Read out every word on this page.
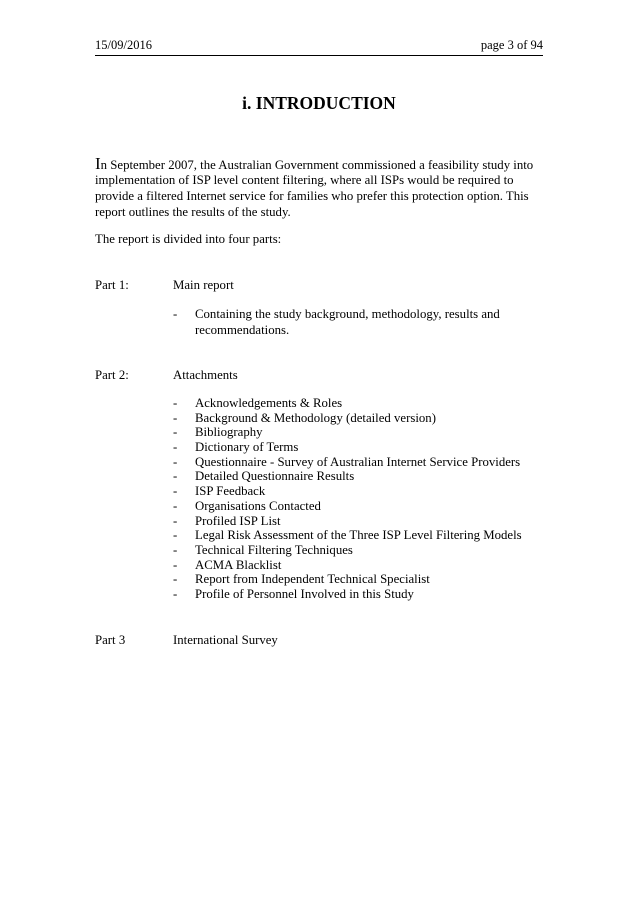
15/09/2016	page 3 of 94
i. INTRODUCTION
In September 2007, the Australian Government commissioned a feasibility study into
implementation of ISP level content filtering, where all ISPs would be required to
provide a filtered Internet service for families who prefer this protection option. This
report outlines the results of the study.
The report is divided into four parts:
Part 1:	Main report
- Containing the study background, methodology, results and
recommendations.
Part 2:	Attachments
- Acknowledgements & Roles
- Background & Methodology (detailed version)
- Bibliography
- Dictionary of Terms
- Questionnaire - Survey of Australian Internet Service Providers
- Detailed Questionnaire Results
- ISP Feedback
- Organisations Contacted
- Profiled ISP List
- Legal Risk Assessment of the Three ISP Level Filtering Models
- Technical Filtering Techniques
- ACMA Blacklist
- Report from Independent Technical Specialist
- Profile of Personnel Involved in this Study
Part 3	International Survey
